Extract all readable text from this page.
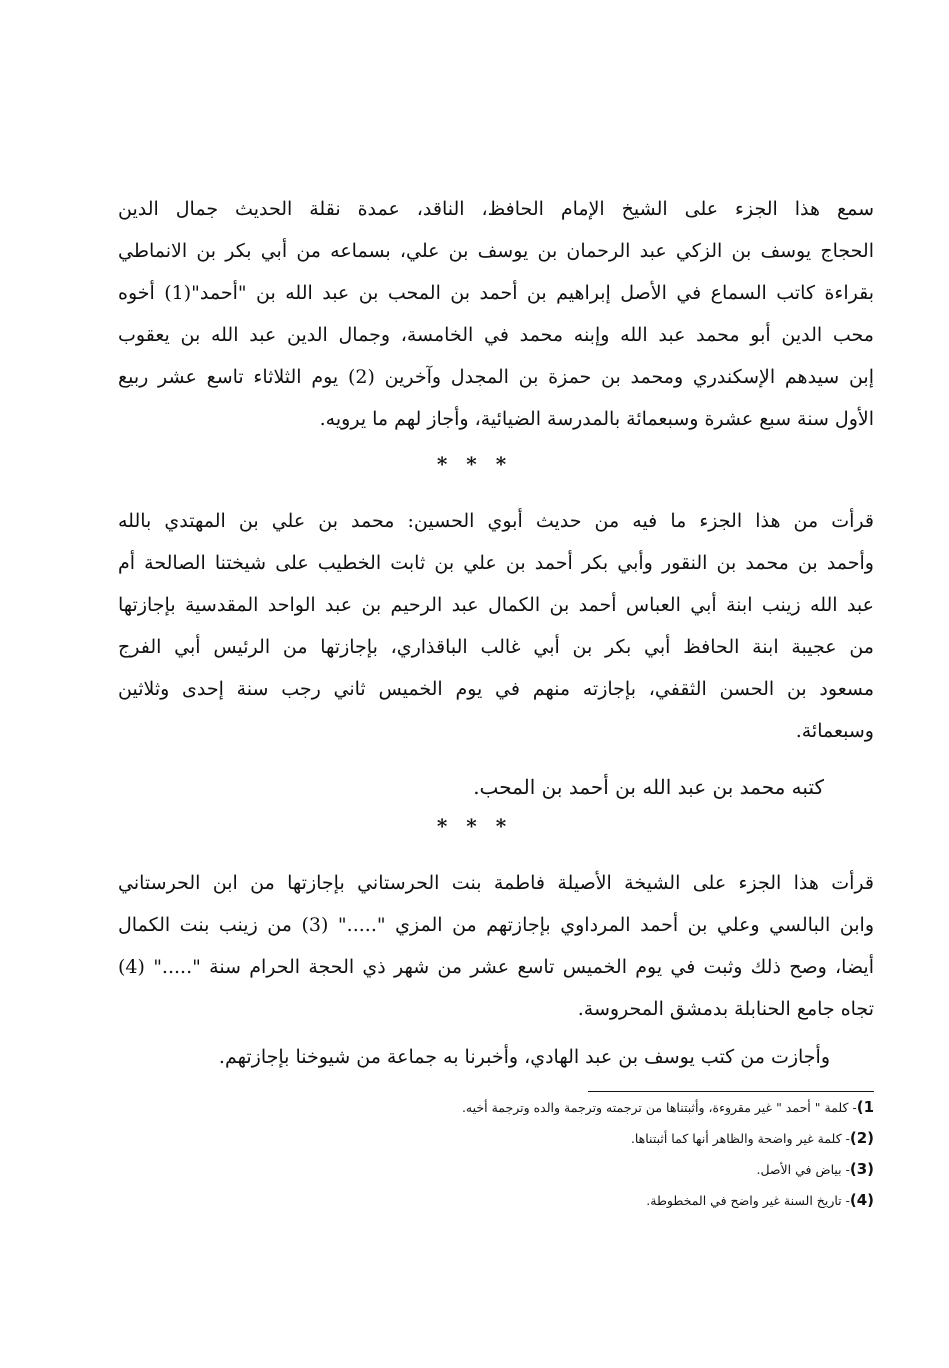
سمع هذا الجزء على الشيخ الإمام الحافظ، الناقد، عمدة نقلة الحديث جمال الدين
الحجاج يوسف بن الزكي عبد الرحمان بن يوسف بن علي، بسماعه من أبي بكر بن الانماطي
بقراءة كاتب السماع في الأصل إبراهيم بن أحمد بن المحب بن عبد الله بن "أحمد"(1) أخوه
محب الدين أبو محمد عبد الله وإبنه محمد في الخامسة، وجمال الدين عبد الله بن يعقوب
إبن سيدهم الإسكندري ومحمد بن حمزة بن المجدل وآخرين (2) يوم الثلاثاء تاسع عشر ربيع
الأول سنة سبع عشرة وسبعمائة بالمدرسة الضيائية، وأجاز لهم ما يرويه.
* * *
قرأت من هذا الجزء ما فيه من حديث أبوي الحسين: محمد بن علي بن المهتدي بالله
وأحمد بن محمد بن النقور وأبي بكر أحمد بن علي بن ثابت الخطيب على شيختنا الصالحة أم
عبد الله زينب ابنة أبي العباس أحمد بن الكمال عبد الرحيم بن عبد الواحد المقدسية بإجازتها
من عجيبة ابنة الحافظ أبي بكر بن أبي غالب الباقذاري، بإجازتها من الرئيس أبي الفرج
مسعود بن الحسن الثقفي، بإجازته منهم في يوم الخميس ثاني رجب سنة إحدى وثلاثين
وسبعمائة.
كتبه محمد بن عبد الله بن أحمد بن المحب.
* * *
قرأت هذا الجزء على الشيخة الأصيلة فاطمة بنت الحرستاني بإجازتها من ابن الحرستاني
وابن البالسي وعلي بن أحمد المرداوي بإجازتهم من المزي "....." (3) من زينب بنت الكمال
أيضا، وصح ذلك وثبت في يوم الخميس تاسع عشر من شهر ذي الحجة الحرام سنة "....." (4)
تجاه جامع الحنابلة بدمشق المحروسة.
وأجازت من كتب يوسف بن عبد الهادي، وأخبرنا به جماعة من شيوخنا بإجازتهم.
1)- كلمة " أحمد " غير مقروءة، وأثبتناها من ترجمته وترجمة والده وترجمة أخيه.
(2)- كلمة غير واضحة والظاهر أنها كما أثبتناها.
(3)- بياض في الأصل.
(4)- تاريخ السنة غير واضح في المخطوطة.
